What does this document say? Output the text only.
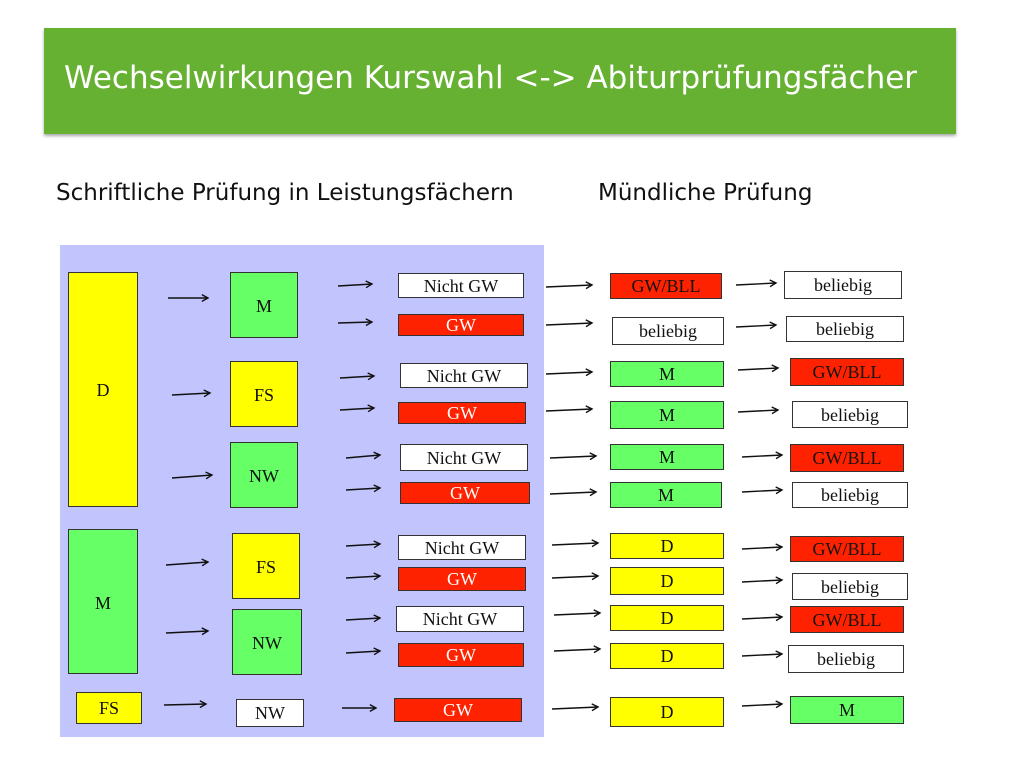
Wechselwirkungen Kurswahl <-> Abiturprüfungsfächer
Schriftliche Prüfung in Leistungsfächern	Mündliche Prüfung
D
M
FS
M
FS
NW
FS
NW
NW
Nicht GW
GW
Nicht GW
GW
Nicht GW
GW
Nicht GW
GW
Nicht GW
GW
GW
GW/BLL
beliebig
M
M
M
M
D
D
D
D
D
beliebig
beliebig
GW/BLL
beliebig
GW/BLL
beliebig
GW/BLL
beliebig
GW/BLL
beliebig
M
